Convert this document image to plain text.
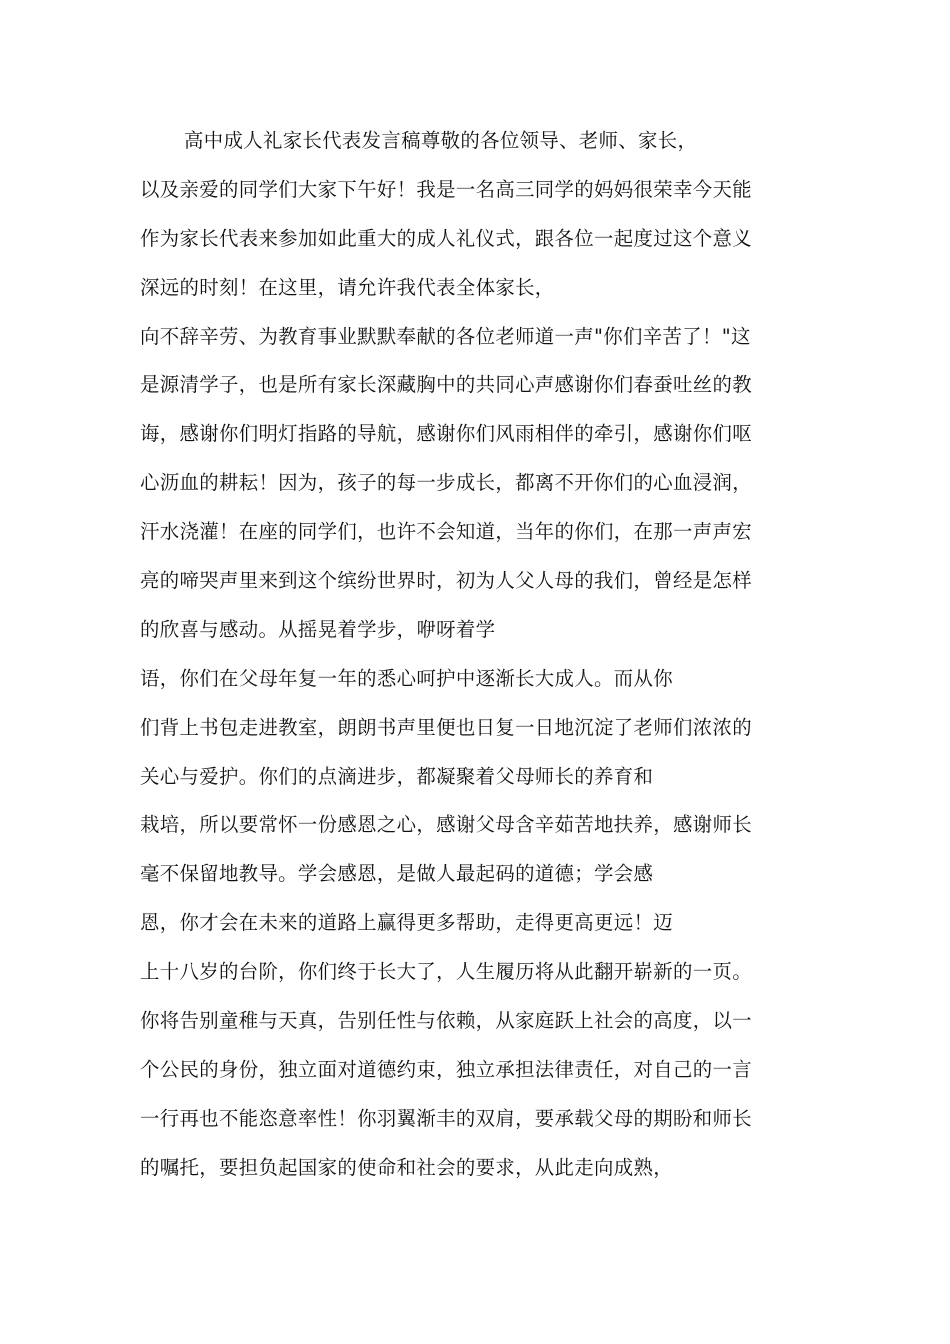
高中成人礼家长代表发言稿尊敬的各位领导、老师、家长，
以及亲爱的同学们大家下午好！我是一名高三同学的妈妈很荣幸今天能
作为家长代表来参加如此重大的成人礼仪式，跟各位一起度过这个意义
深远的时刻！在这里，请允许我代表全体家长，
向不辞辛劳、为教育事业默默奉献的各位老师道一声"你们辛苦了！"这
是源清学子，也是所有家长深藏胸中的共同心声感谢你们春蚕吐丝的教
诲，感谢你们明灯指路的导航，感谢你们风雨相伴的牵引，感谢你们呕
心沥血的耕耘！因为，孩子的每一步成长，都离不开你们的心血浸润，
汗水浇灌！在座的同学们，也许不会知道，当年的你们，在那一声声宏
亮的啼哭声里来到这个缤纷世界时，初为人父人母的我们，曾经是怎样
的欣喜与感动。从摇晃着学步，咿呀着学
语，你们在父母年复一年的悉心呵护中逐渐长大成人。而从你
们背上书包走进教室，朗朗书声里便也日复一日地沉淀了老师们浓浓的
关心与爱护。你们的点滴进步，都凝聚着父母师长的养育和
栽培，所以要常怀一份感恩之心，感谢父母含辛茹苦地扶养，感谢师长
毫不保留地教导。学会感恩，是做人最起码的道德；学会感
恩，你才会在未来的道路上赢得更多帮助，走得更高更远！迈
上十八岁的台阶，你们终于长大了，人生履历将从此翻开崭新的一页。
你将告别童稚与天真，告别任性与依赖，从家庭跃上社会的高度，以一
个公民的身份，独立面对道德约束，独立承担法律责任，对自己的一言
一行再也不能恣意率性！你羽翼渐丰的双肩，要承载父母的期盼和师长
的嘱托，要担负起国家的使命和社会的要求，从此走向成熟，
